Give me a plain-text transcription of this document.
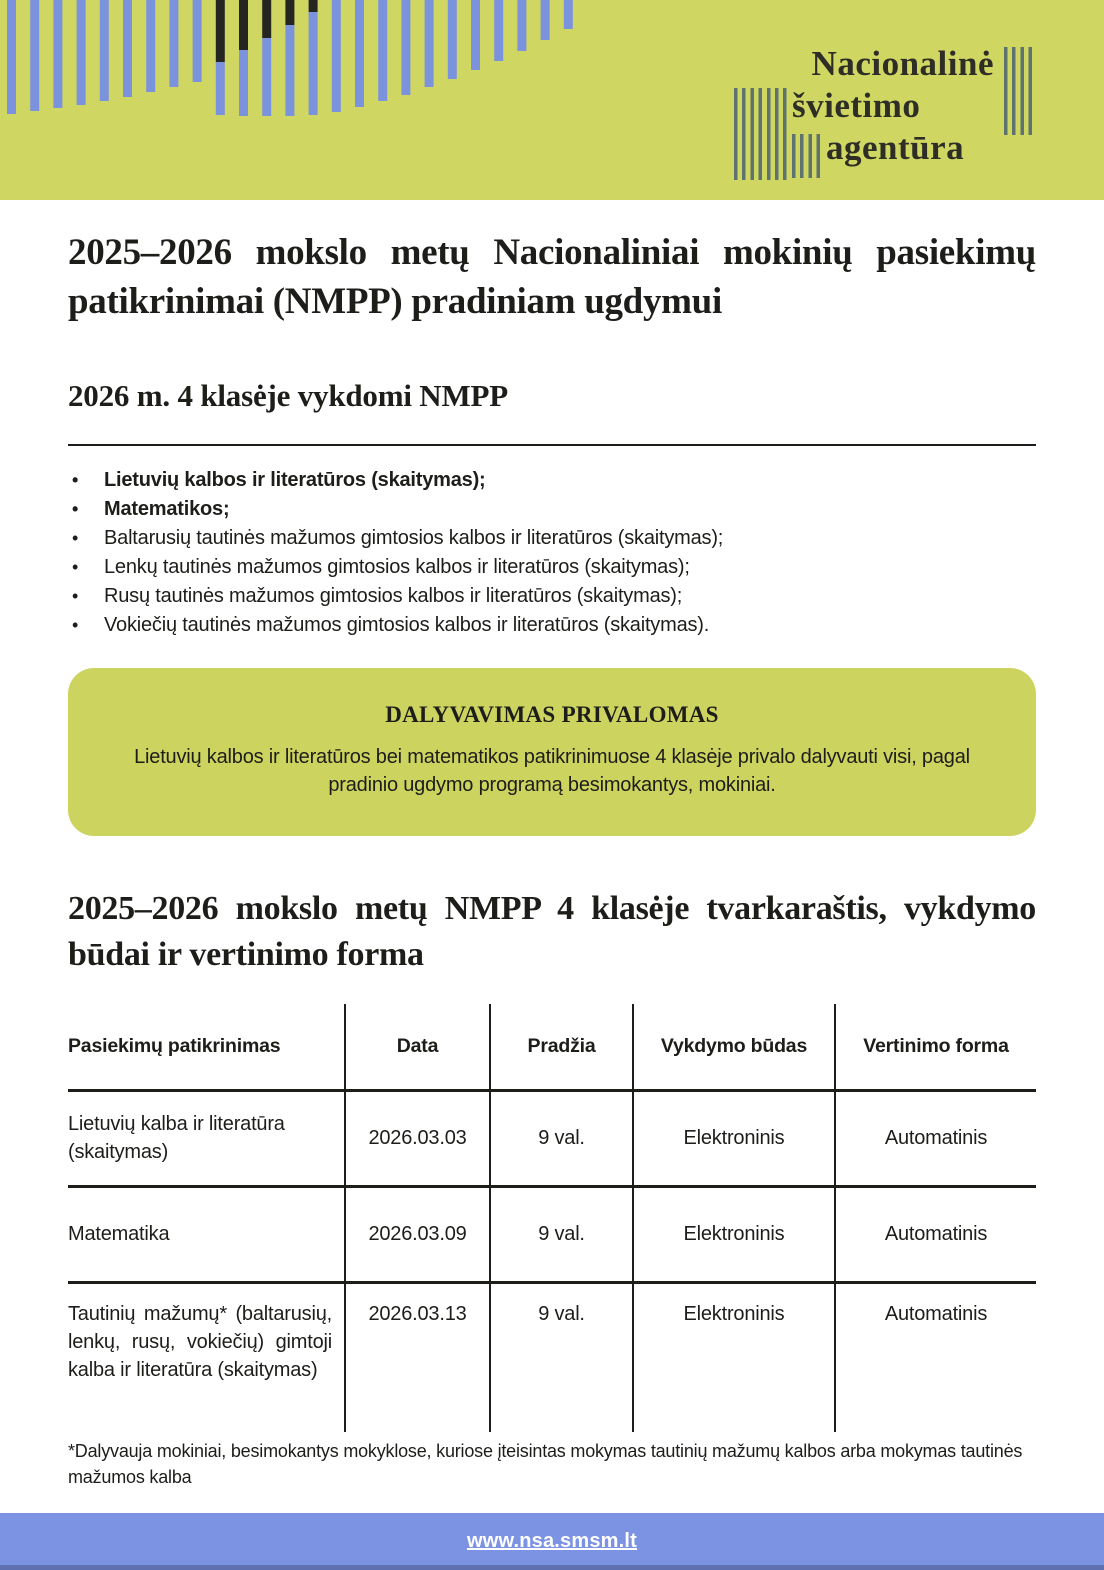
Nacionalinė
švietimo
agentūra
2025–2026 mokslo metų Nacionaliniai mokinių pasiekimų patikrinimai (NMPP) pradiniam ugdymui
2026 m. 4 klasėje vykdomi NMPP
• Lietuvių kalbos ir literatūros (skaitymas);
• Matematikos;
• Baltarusių tautinės mažumos gimtosios kalbos ir literatūros (skaitymas);
• Lenkų tautinės mažumos gimtosios kalbos ir literatūros (skaitymas);
• Rusų tautinės mažumos gimtosios kalbos ir literatūros (skaitymas);
• Vokiečių tautinės mažumos gimtosios kalbos ir literatūros (skaitymas).
DALYVAVIMAS PRIVALOMAS
Lietuvių kalbos ir literatūros bei matematikos patikrinimuose 4 klasėje privalo dalyvauti visi, pagal pradinio ugdymo programą besimokantys, mokiniai.
2025–2026 mokslo metų NMPP 4 klasėje tvarkaraštis, vykdymo būdai ir vertinimo forma
Pasiekimų patikrinimas	Data	Pradžia	Vykdymo būdas	Vertinimo forma
Lietuvių kalba ir literatūra (skaitymas)	2026.03.03	9 val.	Elektroninis	Automatinis
Matematika	2026.03.09	9 val.	Elektroninis	Automatinis
Tautinių mažumų* (baltarusių, lenkų, rusų, vokiečių) gimtoji kalba ir literatūra (skaitymas)	2026.03.13	9 val.	Elektroninis	Automatinis

*Dalyvauja mokiniai, besimokantys mokyklose, kuriose įteisintas mokymas tautinių mažumų kalbos arba mokymas tautinės mažumos kalba

www.nsa.smsm.lt
